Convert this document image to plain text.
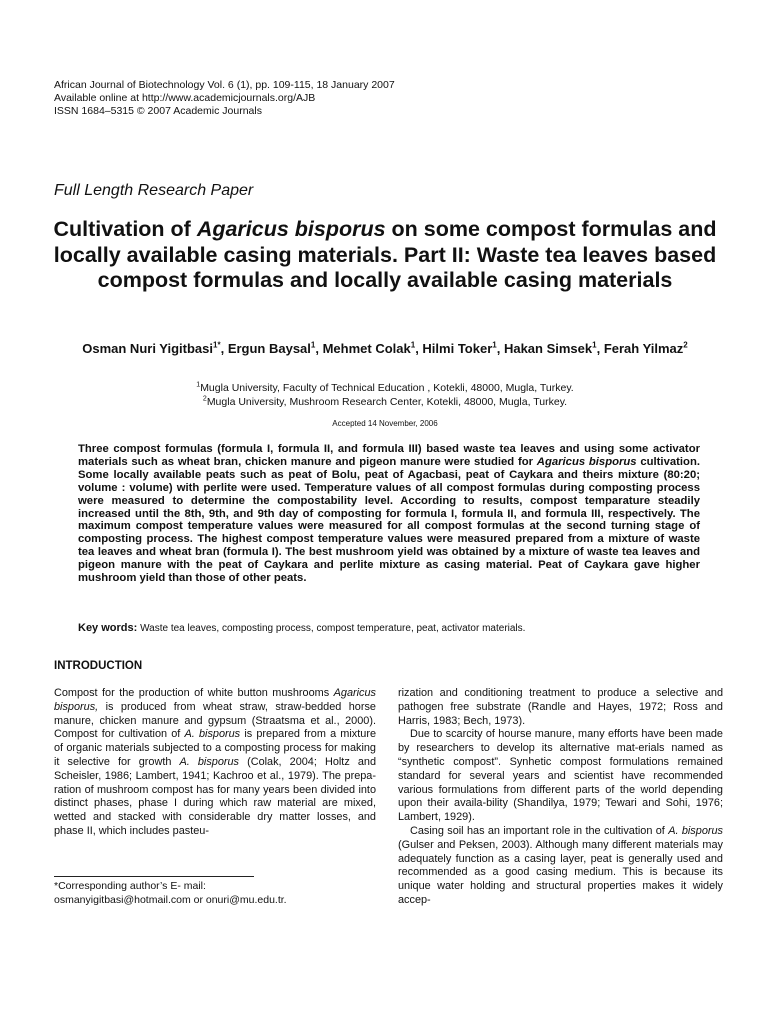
African Journal of Biotechnology Vol. 6 (1), pp. 109-115, 18 January 2007
Available online at http://www.academicjournals.org/AJB
ISSN 1684–5315 © 2007 Academic Journals
Full Length Research Paper
Cultivation of Agaricus bisporus on some compost formulas and locally available casing materials. Part II: Waste tea leaves based compost formulas and locally available casing materials
Osman Nuri Yigitbasi$^{1*}$, Ergun Baysal$^1$, Mehmet Colak$^1$, Hilmi Toker$^1$, Hakan Simsek$^1$, Ferah Yilmaz$^2$
$^1$Mugla University, Faculty of Technical Education , Kotekli, 48000, Mugla, Turkey.
$^2$Mugla University, Mushroom Research Center, Kotekli, 48000, Mugla, Turkey.
Accepted 14 November, 2006
Three compost formulas (formula I, formula II, and formula III) based waste tea leaves and using some activator materials such as wheat bran, chicken manure and pigeon manure were studied for Agaricus bisporus cultivation. Some locally available peats such as peat of Bolu, peat of Agacbasi, peat of Caykara and theirs mixture (80:20; volume : volume) with perlite were used. Temperature values of all compost formulas during composting process were measured to determine the compostability level. According to results, compost temparature steadily increased until the 8th, 9th, and 9th day of composting for formula I, formula II, and formula III, respectively. The maximum compost temperature values were measured for all compost formulas at the second turning stage of composting process. The highest compost temperature values were measured prepared from a mixture of waste tea leaves and wheat bran (formula I). The best mushroom yield was obtained by a mixture of waste tea leaves and pigeon manure with the peat of Caykara and perlite mixture as casing material. Peat of Caykara gave higher mushroom yield than those of other peats.
Key words: Waste tea leaves, composting process, compost temperature, peat, activator materials.
INTRODUCTION

Compost for the production of white button mushrooms Agaricus bisporus, is produced from wheat straw, straw-bedded horse manure, chicken manure and gypsum (Straatsma et al., 2000). Compost for cultivation of A. bisporus is prepared from a mixture of organic materials subjected to a composting process for making it selective for growth A. bisporus (Colak, 2004; Holtz and Scheisler, 1986; Lambert, 1941; Kachroo et al., 1979). The prepa-ration of mushroom compost has for many years been divided into distinct phases, phase I during which raw material are mixed, wetted and stacked with considerable dry matter losses, and phase II, which includes pasteu-

rization and conditioning treatment to produce a selective and pathogen free substrate (Randle and Hayes, 1972; Ross and Harris, 1983; Bech, 1973).

Due to scarcity of hourse manure, many efforts have been made by researchers to develop its alternative mat-erials named as “synthetic compost”. Synhetic compost formulations remained standard for several years and scientist have recommended various formulations from different parts of the world depending upon their availa-bility (Shandilya, 1979; Tewari and Sohi, 1976; Lambert, 1929).

Casing soil has an important role in the cultivation of A. bisporus (Gulser and Peksen, 2003). Although many different materials may adequately function as a casing layer, peat is generally used and recommended as a good casing medium. This is because its unique water holding and structural properties makes it widely accep-

*Corresponding author’s E- mail:
osmanyigitbasi@hotmail.com or onuri@mu.edu.tr.
